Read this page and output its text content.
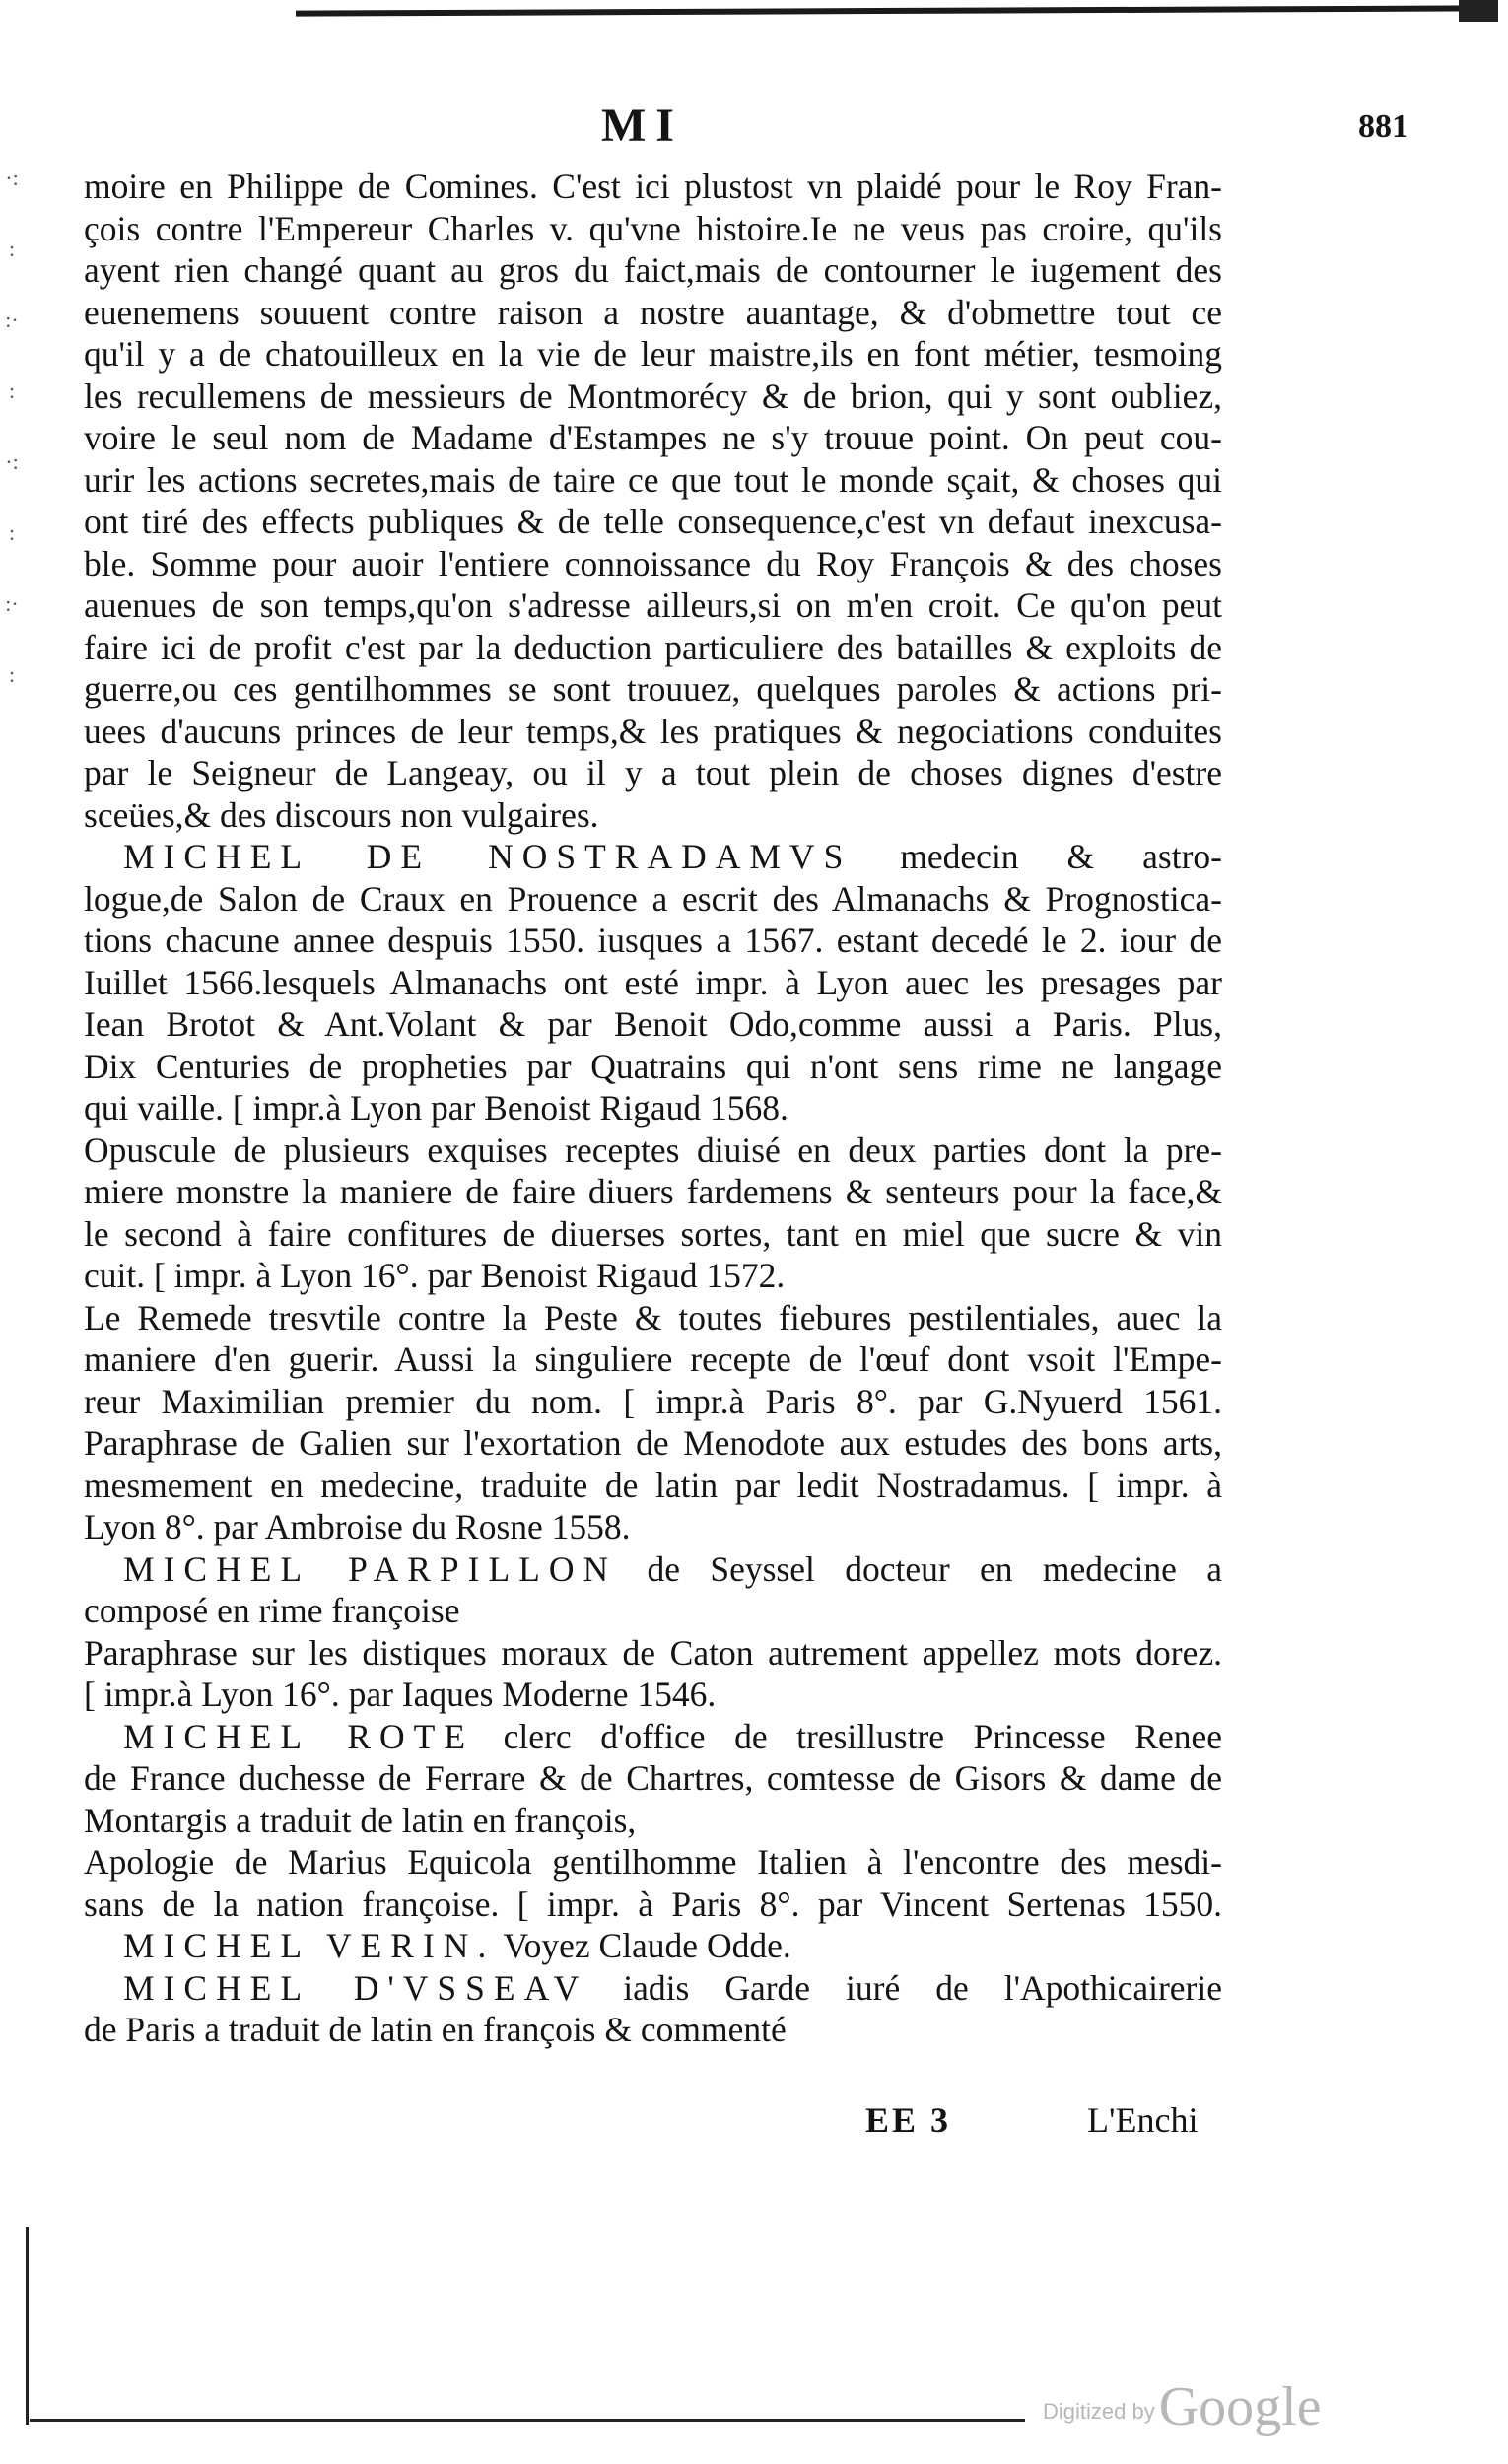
·:
:
:·
:
·:
:
:·
:
MI	881
moire en Philippe de Comines. C'est ici plustost vn plaidé pour le Roy Fran-
çois contre l'Empereur Charles v. qu'vne histoire.Ie ne veus pas croire, qu'ils
ayent rien changé quant au gros du faict,mais de contourner le iugement des
euenemens souuent contre raison a nostre auantage, & d'obmettre tout ce
qu'il y a de chatouilleux en la vie de leur maistre,ils en font métier, tesmoing
les recullemens de messieurs de Montmorécy & de brion, qui y sont oubliez,
voire le seul nom de Madame d'Estampes ne s'y trouue point. On peut cou-
urir les actions secretes,mais de taire ce que tout le monde sçait, & choses qui
ont tiré des effects publiques & de telle consequence,c'est vn defaut inexcusa-
ble. Somme pour auoir l'entiere connoissance du Roy François & des choses
auenues de son temps,qu'on s'adresse ailleurs,si on m'en croit. Ce qu'on peut
faire ici de profit c'est par la deduction particuliere des batailles & exploits de
guerre,ou ces gentilhommes se sont trouuez, quelques paroles & actions pri-
uees d'aucuns princes de leur temps,& les pratiques & negociations conduites
par le Seigneur de Langeay, ou il y a tout plein de choses dignes d'estre
sceües,& des discours non vulgaires.
MICHEL DE NOSTRADAMVS medecin & astro-
logue,de Salon de Craux en Prouence a escrit des Almanachs & Prognostica-
tions chacune annee despuis 1550. iusques a 1567. estant decedé le 2. iour de
Iuillet 1566.lesquels Almanachs ont esté impr. à Lyon auec les presages par
Iean Brotot & Ant.Volant & par Benoit Odo,comme aussi a Paris. Plus,
Dix Centuries de propheties par Quatrains qui n'ont sens rime ne langage
qui vaille. [ impr.à Lyon par Benoist Rigaud 1568.
Opuscule de plusieurs exquises receptes diuisé en deux parties dont la pre-
miere monstre la maniere de faire diuers fardemens & senteurs pour la face,&
le second à faire confitures de diuerses sortes, tant en miel que sucre & vin
cuit. [ impr. à Lyon 16°. par Benoist Rigaud 1572.
Le Remede tresvtile contre la Peste & toutes fiebures pestilentiales, auec la
maniere d'en guerir. Aussi la singuliere recepte de l'œuf dont vsoit l'Empe-
reur Maximilian premier du nom. [ impr.à Paris 8°. par G.Nyuerd 1561.
Paraphrase de Galien sur l'exortation de Menodote aux estudes des bons arts,
mesmement en medecine, traduite de latin par ledit Nostradamus. [ impr. à
Lyon 8°. par Ambroise du Rosne 1558.
MICHEL PARPILLON de Seyssel docteur en medecine a
composé en rime françoise
Paraphrase sur les distiques moraux de Caton autrement appellez mots dorez.
[ impr.à Lyon 16°. par Iaques Moderne 1546.
MICHEL ROTE clerc d'office de tresillustre Princesse Renee
de France duchesse de Ferrare & de Chartres, comtesse de Gisors & dame de
Montargis a traduit de latin en françois,
Apologie de Marius Equicola gentilhomme Italien à l'encontre des mesdi-
sans de la nation françoise. [ impr. à Paris 8°. par Vincent Sertenas 1550.
MICHEL VERIN. Voyez Claude Odde.
MICHEL D'VSSEAV iadis Garde iuré de l'Apothicairerie
de Paris a traduit de latin en françois & commenté
EE 3	L'Enchi
Digitized by Google
